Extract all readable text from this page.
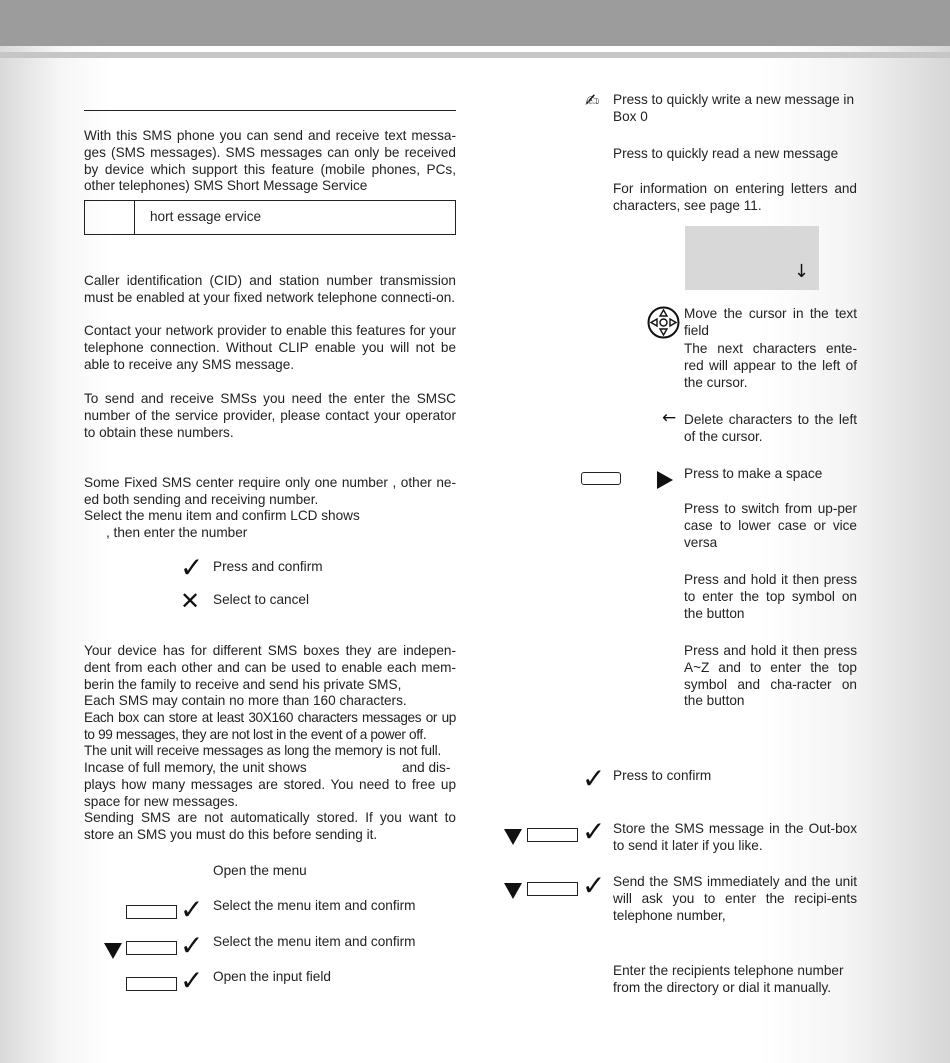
With this SMS phone you can send and receive text messa-ges (SMS messages). SMS messages can only be received by device which support this feature (mobile phones, PCs, other telephones) SMS Short Message Service

hort essage ervice

Caller identification (CID) and station number transmission must be enabled at your fixed network telephone connecti-on.

Contact your network provider to enable this features for your telephone connection. Without CLIP enable you will not be able to receive any SMS message.

To send and receive SMSs you need the enter the SMSC number of the service provider, please contact your operator to obtain these numbers.

Some Fixed SMS center require only one number , other ne-ed both sending and receiving number.

Select the menu item and confirm LCD shows

, then enter the number

✓ Press and confirm

✕ Select to cancel

Your device has for different SMS boxes they are indepen-dent from each other and can be used to enable each mem-berin the family to receive and send his private SMS,

Each SMS may contain no more than 160 characters.

Each box can store at least 30X160 characters messages or up to 99 messages, they are not lost in the event of a power off.

The unit will receive messages as long the memory is not full.

Incase of full memory, the unit shows	and dis-

plays how many messages are stored. You need to free up space for new messages.

Sending SMS are not automatically stored. If you want to store an SMS you must do this before sending it.

Open the menu

✓ Select the menu item and confirm

✓ Select the menu item and confirm

✓ Open the input field

✍ Press to quickly write a new message in Box 0

Press to quickly read a new message

For information on entering letters and characters, see page 11.

↓

Move the cursor in the text field

The next characters ente-red will appear to the left of the cursor.

← Delete characters to the left of the cursor.

Press to make a space

Press to switch from up-per case to lower case or vice versa

Press and hold it then press to enter the top symbol on the button

Press and hold it then press A~Z and to enter the top symbol and cha-racter on the button

✓ Press to confirm

✓ Store the SMS message in the Out-box to send it later if you like.

✓ Send the SMS immediately and the unit will ask you to enter the recipi-ents telephone number,

Enter the recipients telephone number from the directory or dial it manually.
